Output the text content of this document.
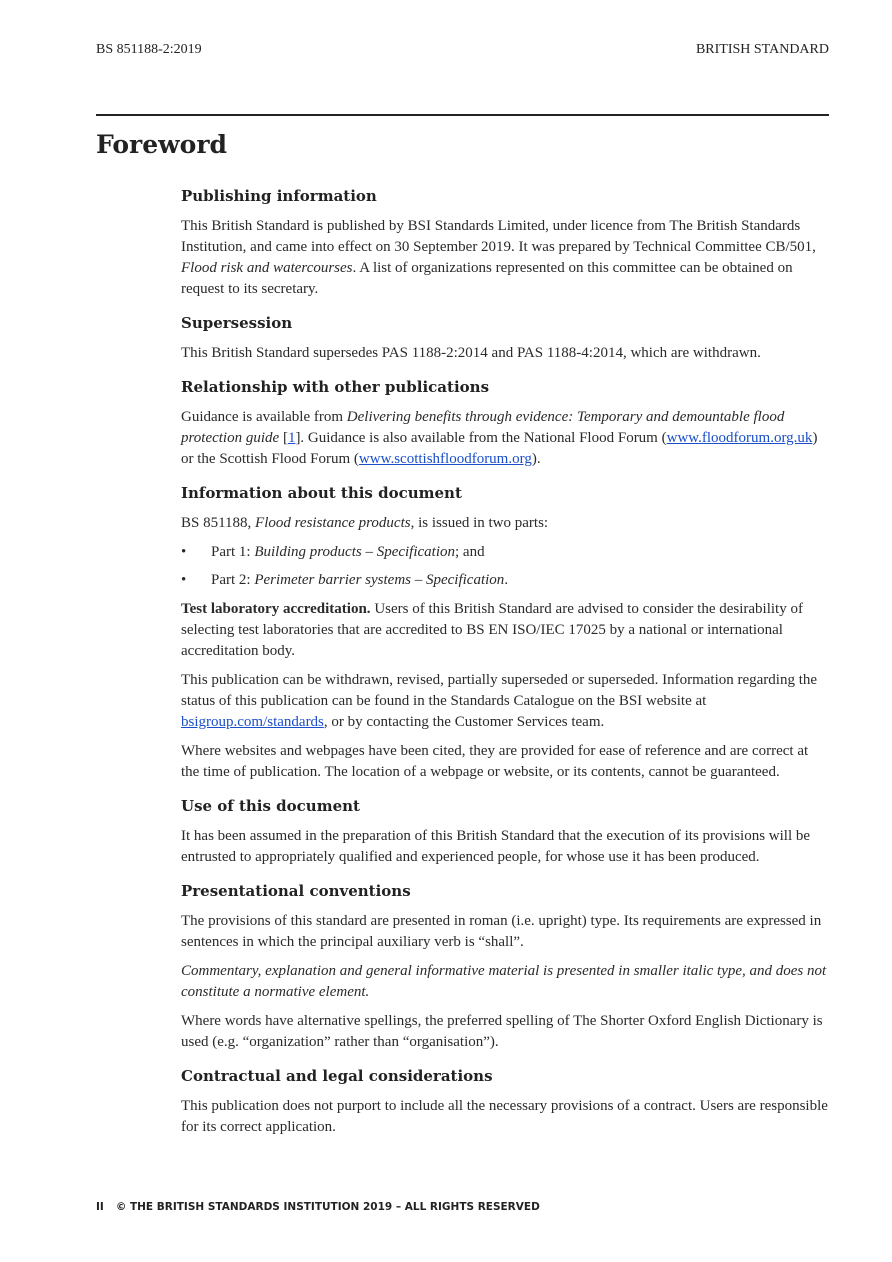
BS 851188-2:2019	BRITISH STANDARD
Foreword
Publishing information

This British Standard is published by BSI Standards Limited, under licence from The British Standards Institution, and came into effect on 30 September 2019. It was prepared by Technical Committee CB/501, Flood risk and watercourses. A list of organizations represented on this committee can be obtained on request to its secretary.

Supersession

This British Standard supersedes PAS 1188-2:2014 and PAS 1188-4:2014, which are withdrawn.

Relationship with other publications

Guidance is available from Delivering benefits through evidence: Temporary and demountable flood protection guide [1]. Guidance is also available from the National Flood Forum (www.floodforum.org.uk) or the Scottish Flood Forum (www.scottishfloodforum.org).

Information about this document

BS 851188, Flood resistance products, is issued in two parts:

• Part 1: Building products – Specification; and
• Part 2: Perimeter barrier systems – Specification.

Test laboratory accreditation. Users of this British Standard are advised to consider the desirability of selecting test laboratories that are accredited to BS EN ISO/IEC 17025 by a national or international accreditation body.

This publication can be withdrawn, revised, partially superseded or superseded. Information regarding the status of this publication can be found in the Standards Catalogue on the BSI website at bsigroup.com/standards, or by contacting the Customer Services team.

Where websites and webpages have been cited, they are provided for ease of reference and are correct at the time of publication. The location of a webpage or website, or its contents, cannot be guaranteed.

Use of this document

It has been assumed in the preparation of this British Standard that the execution of its provisions will be entrusted to appropriately qualified and experienced people, for whose use it has been produced.

Presentational conventions

The provisions of this standard are presented in roman (i.e. upright) type. Its requirements are expressed in sentences in which the principal auxiliary verb is “shall”.

Commentary, explanation and general informative material is presented in smaller italic type, and does not constitute a normative element.

Where words have alternative spellings, the preferred spelling of The Shorter Oxford English Dictionary is used (e.g. “organization” rather than “organisation”).

Contractual and legal considerations

This publication does not purport to include all the necessary provisions of a contract. Users are responsible for its correct application.

II © THE BRITISH STANDARDS INSTITUTION 2019 – ALL RIGHTS RESERVED
